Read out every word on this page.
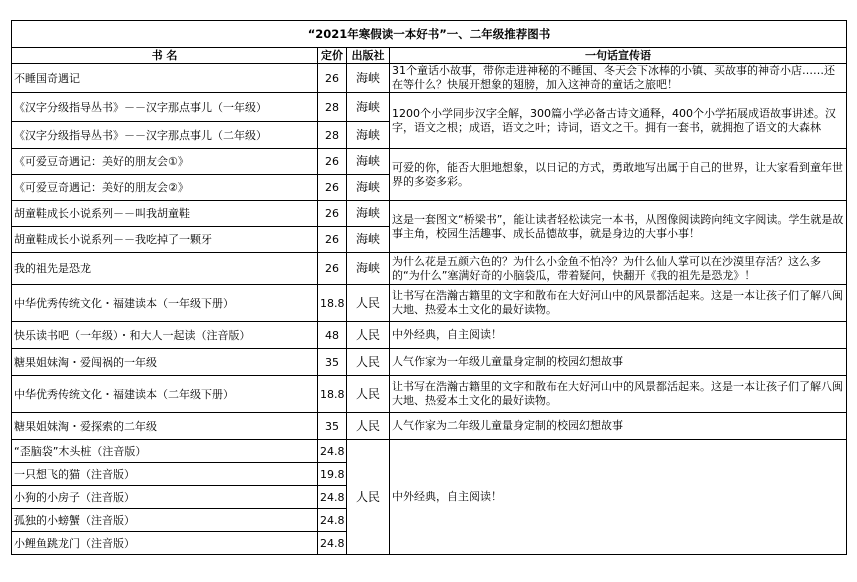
“2021年寒假读一本好书”一、二年级推荐图书			
书 名	定价	出版社	一句话宣传语
不睡国奇遇记	26	海峡	31个童话小故事，带你走进神秘的不睡国、冬天会下冰棒的小镇、买故事的神奇小店……还在等什么？快展开想象的翅膀，加入这神奇的童话之旅吧！
《汉字分级指导丛书》－－汉字那点事儿（一年级）	28	海峡	1200个小学同步汉字全解，300篇小学必备古诗文通释，400个小学拓展成语故事讲述。汉字，语文之根；成语，语文之叶；诗词，语文之干。拥有一套书，就拥抱了语文的大森林
《汉字分级指导丛书》－－汉字那点事儿（二年级）	28	海峡	
《可爱豆奇遇记：美好的朋友会①》	26	海峡	可爱的你，能否大胆地想象，以日记的方式，勇敢地写出属于自己的世界，让大家看到童年世界的多姿多彩。
《可爱豆奇遇记：美好的朋友会②》	26	海峡	
胡童鞋成长小说系列－－叫我胡童鞋	26	海峡	这是一套图文“桥梁书”，能让读者轻松读完一本书，从图像阅读跨向纯文字阅读。学生就是故事主角，校园生活趣事、成长品德故事，就是身边的大事小事！
胡童鞋成长小说系列－－我吃掉了一颗牙	26	海峡	
我的祖先是恐龙	26	海峡	为什么花是五颜六色的？为什么小金鱼不怕冷？为什么仙人掌可以在沙漠里存活？这么多的“为什么”塞满好奇的小脑袋瓜，带着疑问，快翻开《我的祖先是恐龙》！
中华优秀传统文化・福建读本（一年级下册）	18.8	人民	让书写在浩瀚古籍里的文字和散布在大好河山中的风景都活起来。这是一本让孩子们了解八闽大地、热爱本土文化的最好读物。
快乐读书吧（一年级）・和大人一起读（注音版）	48	人民	中外经典，自主阅读！
糖果姐妹淘・爱闯祸的一年级	35	人民	人气作家为一年级儿童量身定制的校园幻想故事
中华优秀传统文化・福建读本（二年级下册）	18.8	人民	让书写在浩瀚古籍里的文字和散布在大好河山中的风景都活起来。这是一本让孩子们了解八闽大地、热爱本土文化的最好读物。
糖果姐妹淘・爱探索的二年级	35	人民	人气作家为二年级儿童量身定制的校园幻想故事
“歪脑袋”木头桩（注音版）	24.8	人民	中外经典，自主阅读！
一只想飞的猫（注音版）	19.8		
小狗的小房子（注音版）	24.8		
孤独的小螃蟹（注音版）	24.8		
小鲤鱼跳龙门（注音版）	24.8		
